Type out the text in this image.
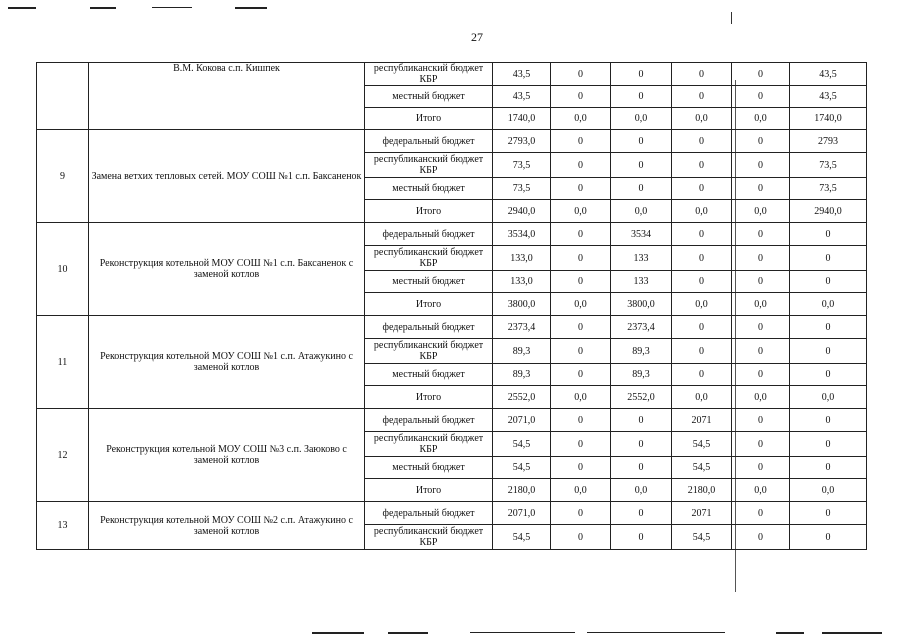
27
	В.М. Кокова с.п. Кишпек	республиканский бюджет КБР	43,5	0	0	0	0	43,5
		местный бюджет	43,5	0	0	0	0	43,5
		Итого	1740,0	0,0	0,0	0,0	0,0	1740,0
9	Замена ветхих тепловых сетей. МОУ СОШ №1 с.п. Баксаненок	федеральный бюджет	2793,0	0	0	0	0	2793
		республиканский бюджет КБР	73,5	0	0	0	0	73,5
		местный бюджет	73,5	0	0	0	0	73,5
		Итого	2940,0	0,0	0,0	0,0	0,0	2940,0
10	Реконструкция котельной МОУ СОШ №1 с.п. Баксаненок с заменой котлов	федеральный бюджет	3534,0	0	3534	0	0	0
		республиканский бюджет КБР	133,0	0	133	0	0	0
		местный бюджет	133,0	0	133	0	0	0
		Итого	3800,0	0,0	3800,0	0,0	0,0	0,0
11	Реконструкция котельной МОУ СОШ №1 с.п. Атажукино с заменой котлов	федеральный бюджет	2373,4	0	2373,4	0	0	0
		республиканский бюджет КБР	89,3	0	89,3	0	0	0
		местный бюджет	89,3	0	89,3	0	0	0
		Итого	2552,0	0,0	2552,0	0,0	0,0	0,0
12	Реконструкция котельной МОУ СОШ №3 с.п. Заюково с заменой котлов	федеральный бюджет	2071,0	0	0	2071	0	0
		республиканский бюджет КБР	54,5	0	0	54,5	0	0
		местный бюджет	54,5	0	0	54,5	0	0
		Итого	2180,0	0,0	0,0	2180,0	0,0	0,0
13	Реконструкция котельной МОУ СОШ №2 с.п. Атажукино с заменой котлов	федеральный бюджет	2071,0	0	0	2071	0	0
		республиканский бюджет КБР	54,5	0	0	54,5	0	0
